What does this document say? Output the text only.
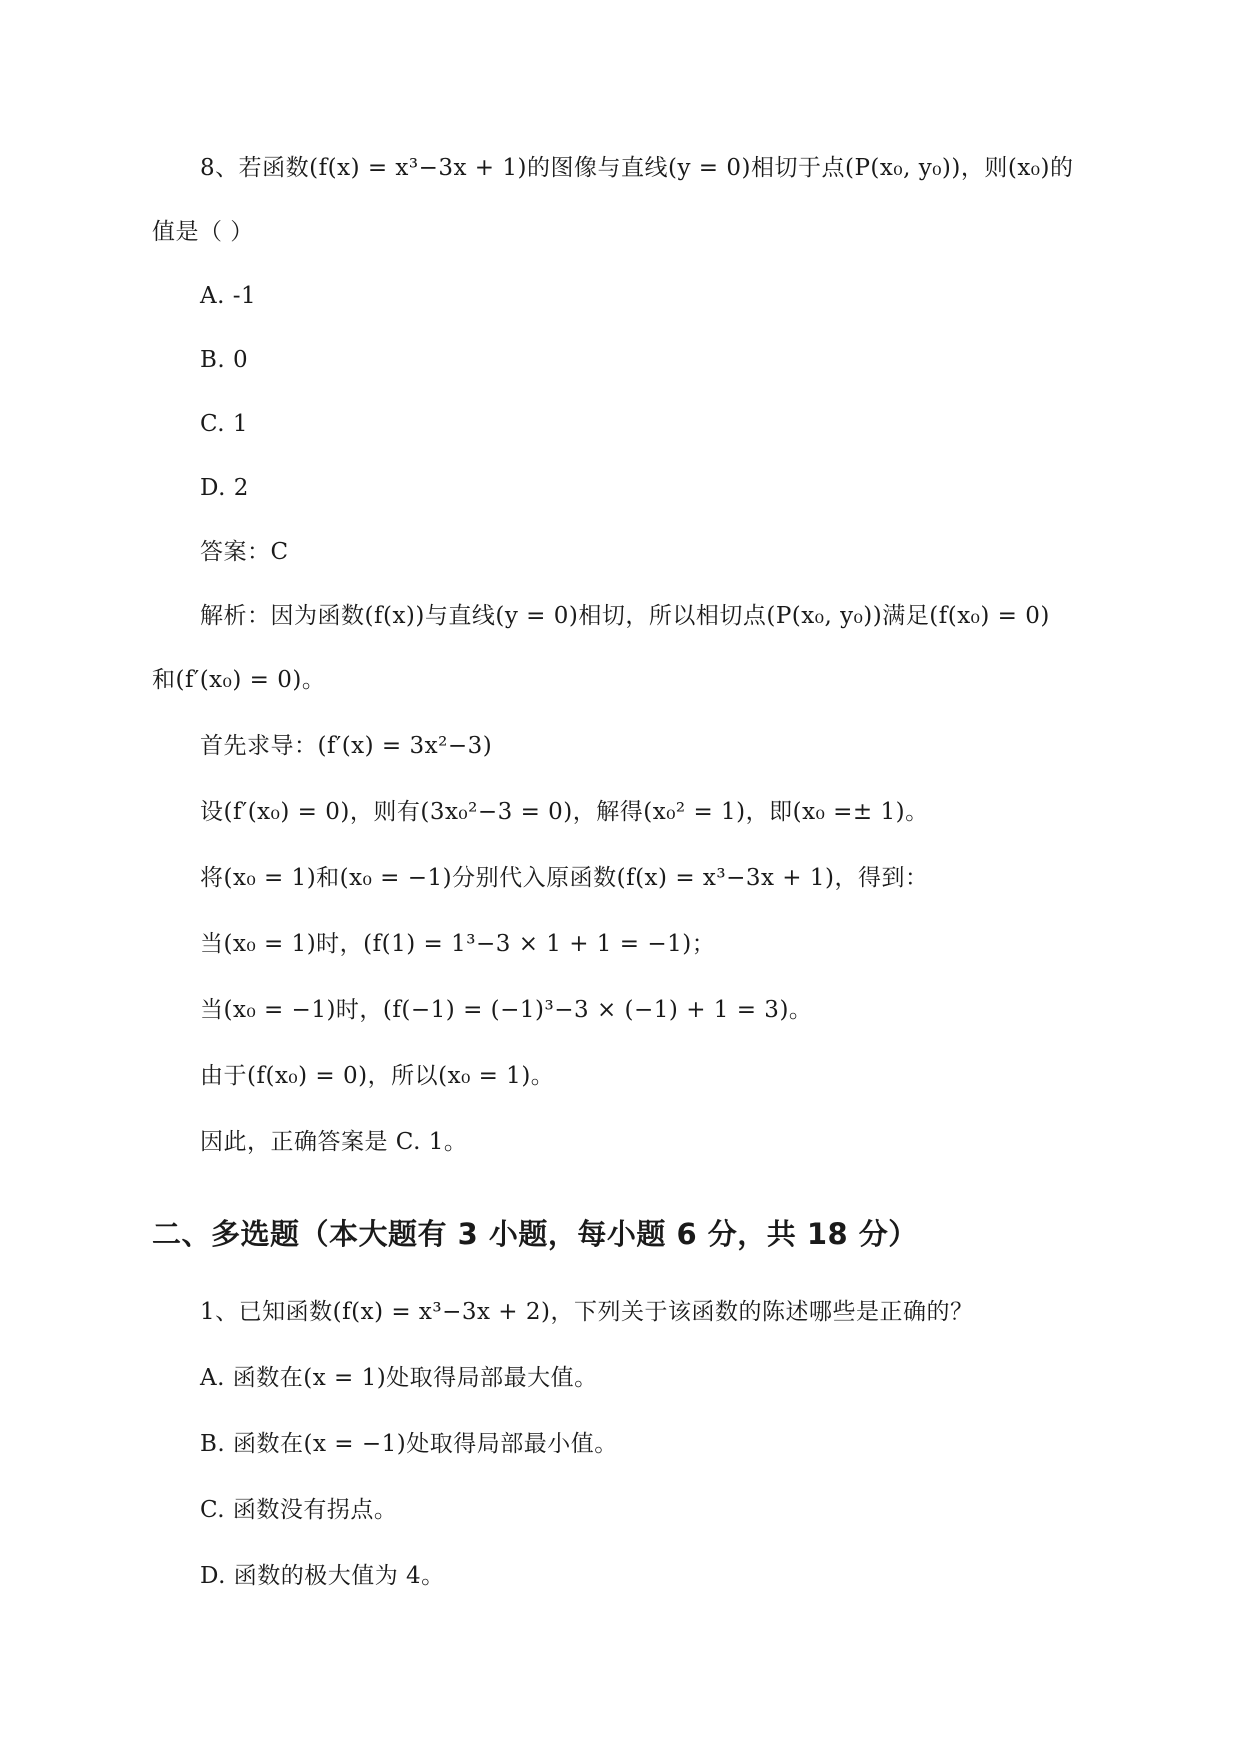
8、若函数(f(x) = x³−3x + 1)的图像与直线(y = 0)相切于点(P(x₀, y₀))，则(x₀)的
值是（ ）
A. -1
B. 0
C. 1
D. 2
答案：C
解析：因为函数(f(x))与直线(y = 0)相切，所以相切点(P(x₀, y₀))满足(f(x₀) = 0)
和(f′(x₀) = 0)。
首先求导：(f′(x) = 3x²−3)
设(f′(x₀) = 0)，则有(3x₀²−3 = 0)，解得(x₀² = 1)，即(x₀ =± 1)。
将(x₀ = 1)和(x₀ = −1)分别代入原函数(f(x) = x³−3x + 1)，得到：
当(x₀ = 1)时，(f(1) = 1³−3 × 1 + 1 = −1)；
当(x₀ = −1)时，(f(−1) = (−1)³−3 × (−1) + 1 = 3)。
由于(f(x₀) = 0)，所以(x₀ = 1)。
因此，正确答案是 C. 1。
二、多选题（本大题有 3 小题，每小题 6 分，共 18 分）
1、已知函数(f(x) = x³−3x + 2)，下列关于该函数的陈述哪些是正确的？
A. 函数在(x = 1)处取得局部最大值。
B. 函数在(x = −1)处取得局部最小值。
C. 函数没有拐点。
D. 函数的极大值为 4。
